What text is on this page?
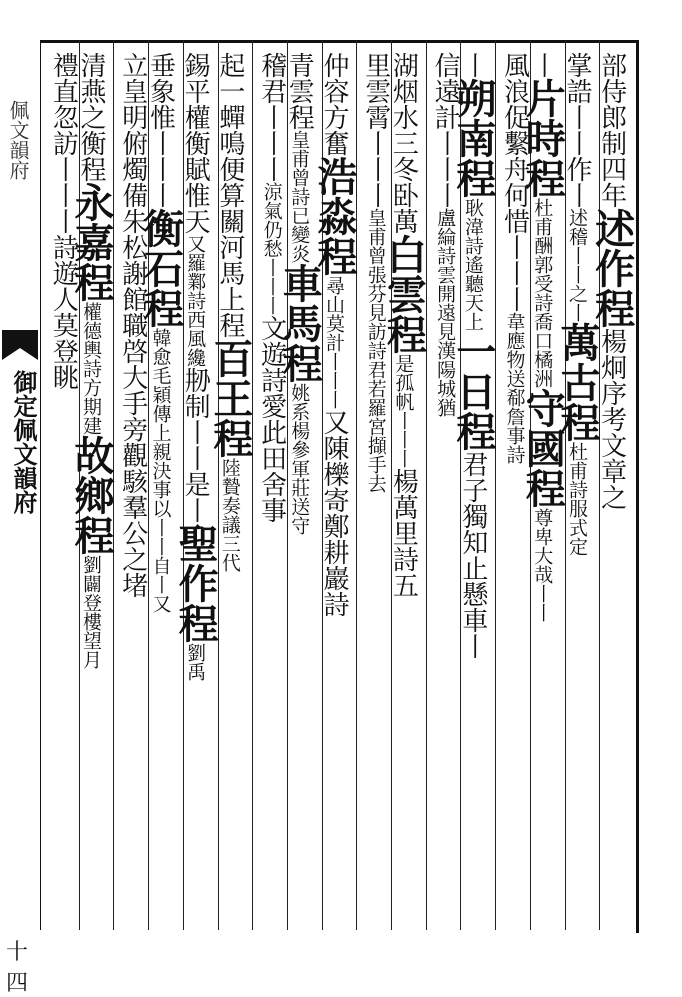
佩文韻府
御定佩文韻府
十四
部侍郎制四年述作程楊炯序考文章之
掌誥丨丨作丨述稽丨丨之丨萬古程杜甫詩服式定
丨片時程杜甫酬郭受詩喬口橘洲守國程尊卑大哉丨丨
風浪促繫舟何惜丨丨丨韋應物送郗詹事詩
丨朔南程耿湋詩遙聽天上一日程君子獨知止懸車丨
信遠計丨丨丨盧綸詩雲開遠見漢陽城猶
湖烟水三冬卧萬白雲程是孤帆丨丨丨楊萬里詩五
里雲霄丨丨丨皇甫曾張芬見訪詩君若羅宮擷手去
仲容方奮浩淼程尋山莫計丨丨丨又陳櫟寄鄭耕巖詩
青雲程皇甫曾詩已變炎車馬程姚系楊參軍莊送守
稽君丨丨丨涼氣仍愁丨丨丨文遊詩愛此田舍事
起一蟬鳴便算關河馬上程百王程陸贄奏議三代
錫平權衡賦惟天又羅鄴詩西風纔刱制丨丨是丨聖作程劉禹
垂象惟丨丨丨衡石程韓愈毛穎傳上親決事以丨丨自丨又
立皇明俯燭備朱松謝館職啓大手旁觀駭羣公之堵
清燕之衡程永嘉程權德輿詩方期建故鄉程劉闢登樓望月
禮直忽訪丨丨丨詩遊人莫登眺
